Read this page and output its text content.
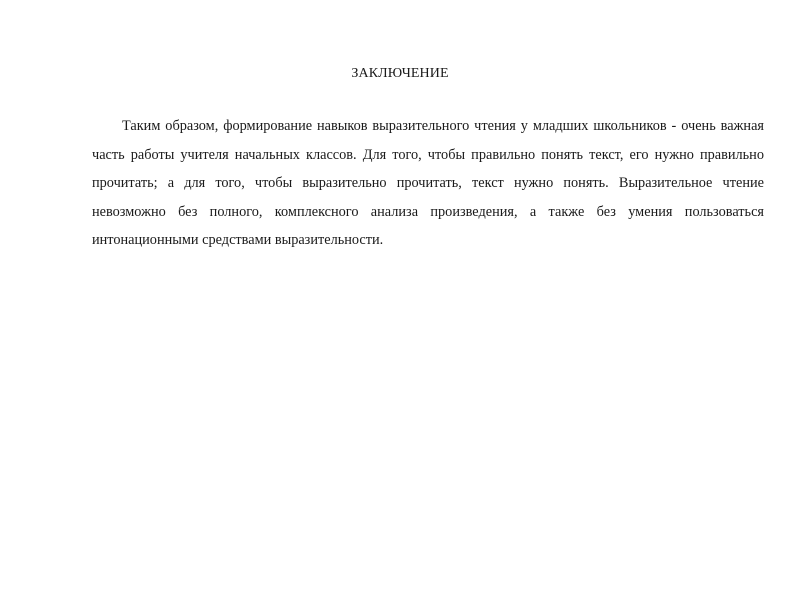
ЗАКЛЮЧЕНИЕ

Таким образом, формирование навыков выразительного чтения у младших школьников - очень важная часть работы учителя начальных классов. Для того, чтобы правильно понять текст, его нужно правильно прочитать; а для того, чтобы выразительно прочитать, текст нужно понять. Выразительное чтение невозможно без полного, комплексного анализа произведения, а также без умения пользоваться интонационными средствами выразительности.
